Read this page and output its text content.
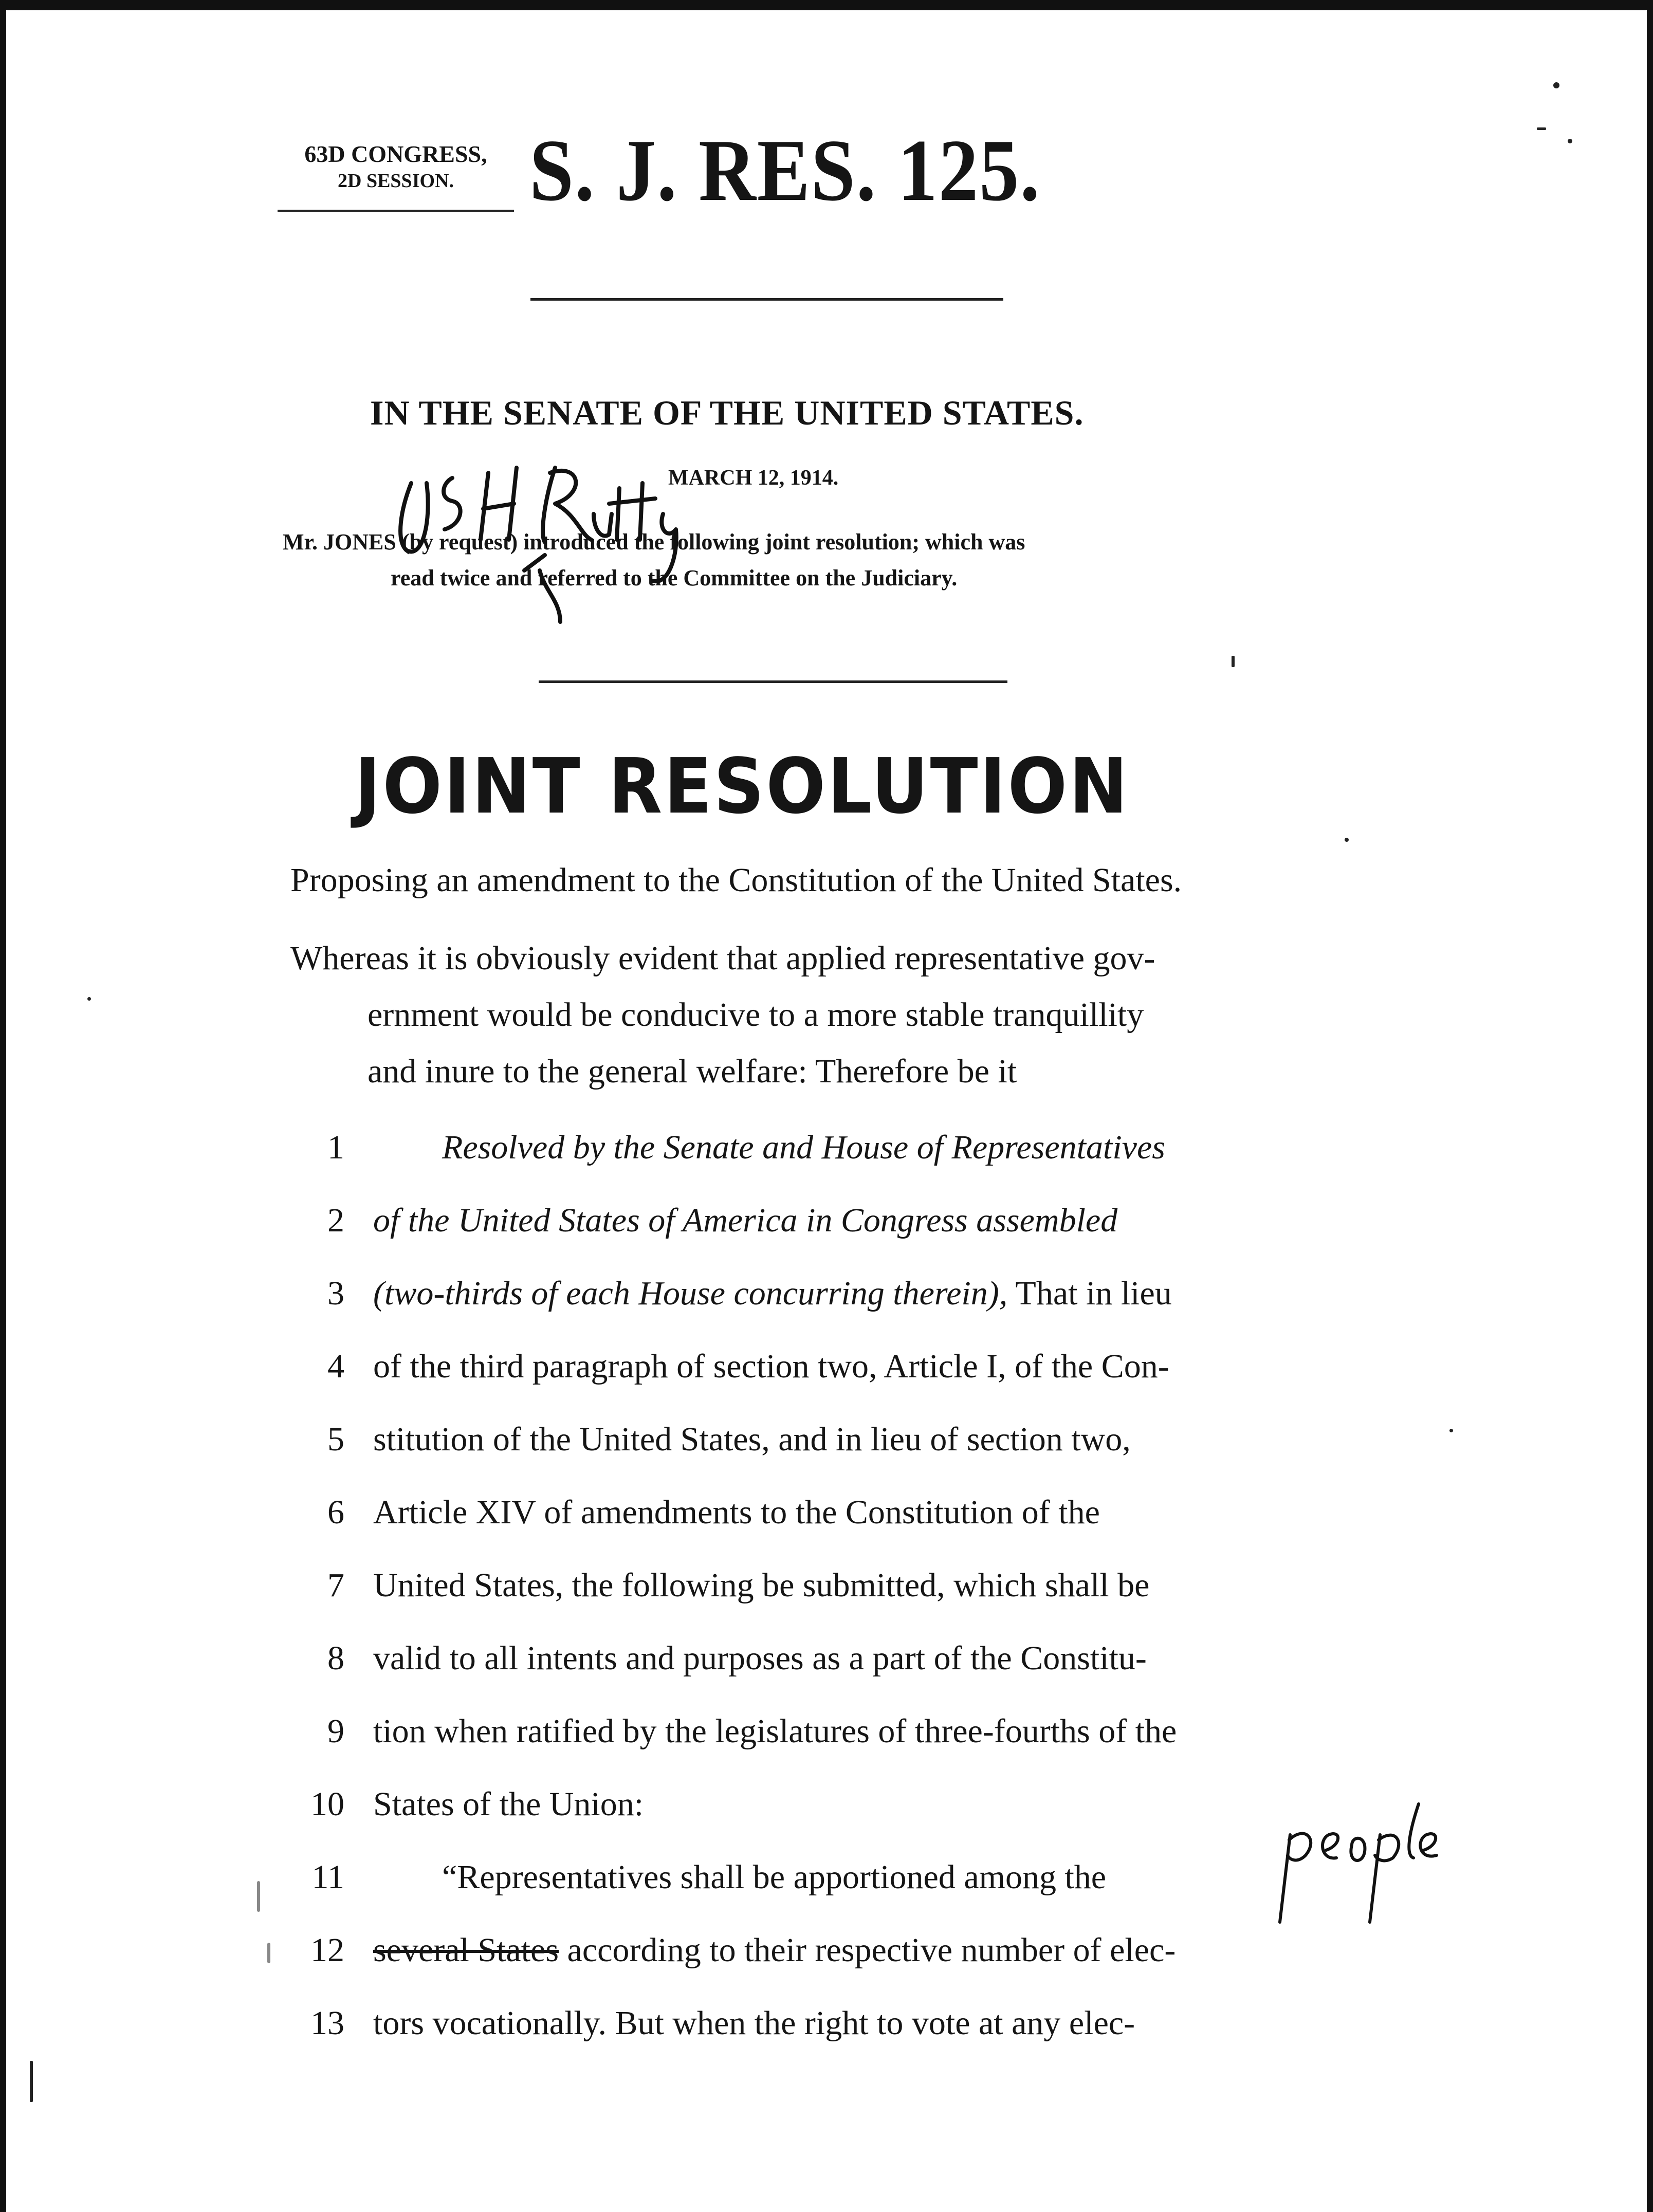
63D CONGRESS,
2D SESSION. S. J. RES. 125.
IN THE SENATE OF THE UNITED STATES.
MARCH 12, 1914.
Mr. JONES (by request) introduced the following joint resolution; which was
read twice and referred to the Committee on the Judiciary.
JOINT RESOLUTION
Proposing an amendment to the Constitution of the United States.
Whereas it is obviously evident that applied representative gov-
ernment would be conducive to a more stable tranquillity
and inure to the general welfare: Therefore be it
1	Resolved by the Senate and House of Representatives
2 of the United States of America in Congress assembled
3 (two-thirds of each House concurring therein), That in lieu
4 of the third paragraph of section two, Article I, of the Con-
5 stitution of the United States, and in lieu of section two,
6 Article XIV of amendments to the Constitution of the
7 United States, the following be submitted, which shall be
8 valid to all intents and purposes as a part of the Constitu-
9 tion when ratified by the legislatures of three-fourths of the
10 States of the Union:
11	“Representatives shall be apportioned among the
12 several States according to their respective number of elec-
13 tors vocationally. But when the right to vote at any elec-
